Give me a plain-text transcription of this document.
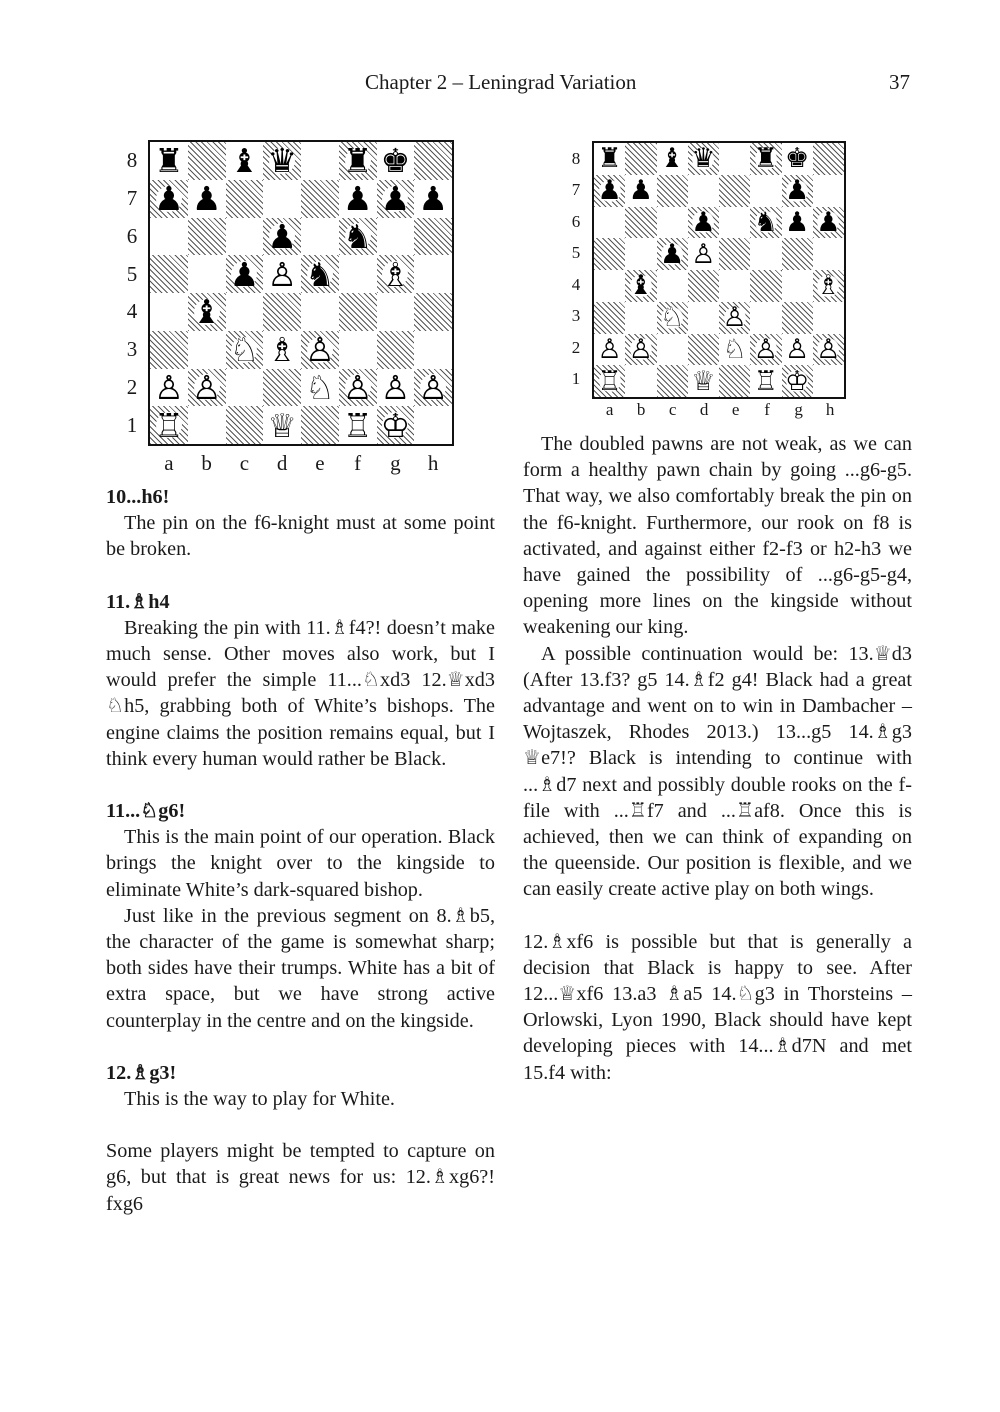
Chapter 2 – Leningrad Variation	37
♜ ♝ ♛ ♜ ♚
♟ ♟	♟ ♟ ♟
♟ ♞
♟ ♙ ♞ ♗
♝
♘ ♗ ♙
♙ ♙	♘ ♙ ♙ ♙
♖	♕ ♖ ♔
8
7
6
5
4
3
2
1
a	b	c	d	e	f	g	h
♜ ♝ ♛ ♜ ♚
♟ ♟	♟
♟ ♞ ♟ ♟
♟ ♙
♝	♗
♘ ♙
♙ ♙	♘ ♙ ♙ ♙
♖	♕ ♖ ♔
8
7
6
5
4
3
2
1
a	b	c	d	e	f	g	h

10...h6!

The pin on the f6-knight must at some point be broken.

11.♗h4

Breaking the pin with 11.♗f4?! doesn’t make much sense. Other moves also work, but I would prefer the simple 11...♘xd3 12.♕xd3 ♘h5, grabbing both of White’s bishops. The engine claims the position remains equal, but I think every human would rather be Black.

11...♘g6!

This is the main point of our operation. Black brings the knight over to the kingside to eliminate White’s dark-squared bishop.

Just like in the previous segment on 8.♗b5, the character of the game is somewhat sharp; both sides have their trumps. White has a bit of extra space, but we have strong active counterplay in the centre and on the kingside.

12.♗g3!

This is the way to play for White.

Some players might be tempted to capture on g6, but that is great news for us: 12.♗xg6?! fxg6

The doubled pawns are not weak, as we can form a healthy pawn chain by going ...g6-g5. That way, we also comfortably break the pin on the f6-knight. Furthermore, our rook on f8 is activated, and against either f2-f3 or h2-h3 we have gained the possibility of ...g6-g5-g4, opening more lines on the kingside without weakening our king.

A possible continuation would be: 13.♕d3 (After 13.f3? g5 14.♗f2 g4! Black had a great advantage and went on to win in Dambacher – Wojtaszek, Rhodes 2013.) 13...g5 14.♗g3 ♕e7!? Black is intending to continue with ...♗d7 next and possibly double rooks on the f-file with ...♖f7 and ...♖af8. Once this is achieved, then we can think of expanding on the queenside. Our position is flexible, and we can easily create active play on both wings.

12.♗xf6 is possible but that is generally a decision that Black is happy to see. After 12...♕xf6 13.a3 ♗a5 14.♘g3 in Thorsteins – Orlowski, Lyon 1990, Black should have kept developing pieces with 14...♗d7N and met 15.f4 with:
